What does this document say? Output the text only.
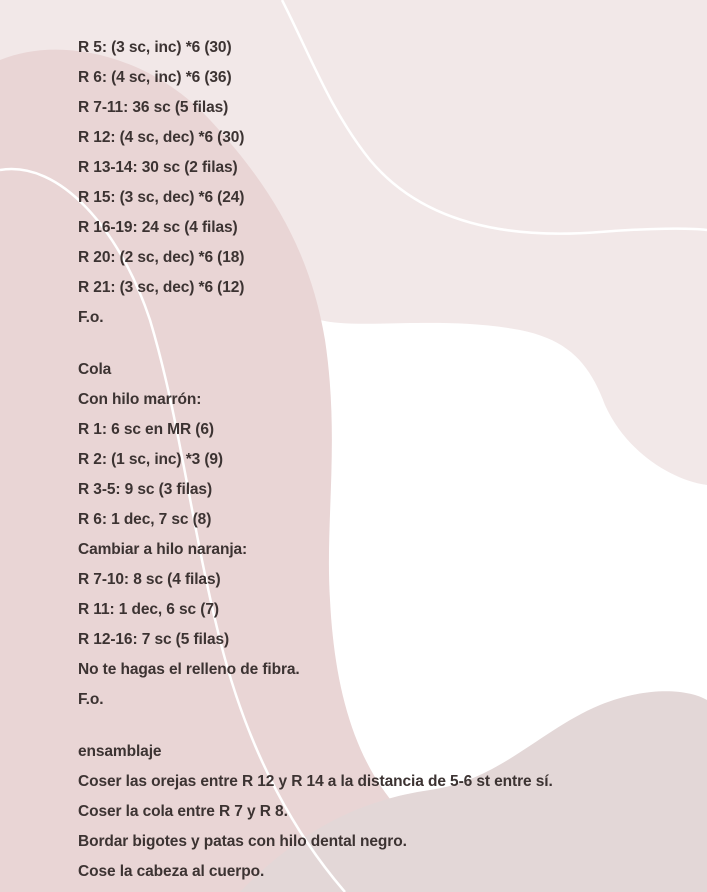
R 5: (3 sc, inc) *6 (30)
R 6: (4 sc, inc) *6 (36)
R 7-11: 36 sc (5 filas)
R 12: (4 sc, dec) *6 (30)
R 13-14: 30 sc (2 filas)
R 15: (3 sc, dec) *6 (24)
R 16-19: 24 sc (4 filas)
R 20: (2 sc, dec) *6 (18)
R 21: (3 sc, dec) *6 (12)
F.o.
Cola
Con hilo marrón:
R 1: 6 sc en MR (6)
R 2: (1 sc, inc) *3 (9)
R 3-5: 9 sc (3 filas)
R 6: 1 dec, 7 sc (8)
Cambiar a hilo naranja:
R 7-10: 8 sc (4 filas)
R 11: 1 dec, 6 sc (7)
R 12-16: 7 sc (5 filas)
No te hagas el relleno de fibra.
F.o.
ensamblaje
Coser las orejas entre R 12 y R 14 a la distancia de 5-6 st entre sí.
Coser la cola entre R 7 y R 8.
Bordar bigotes y patas con hilo dental negro.
Cose la cabeza al cuerpo.
